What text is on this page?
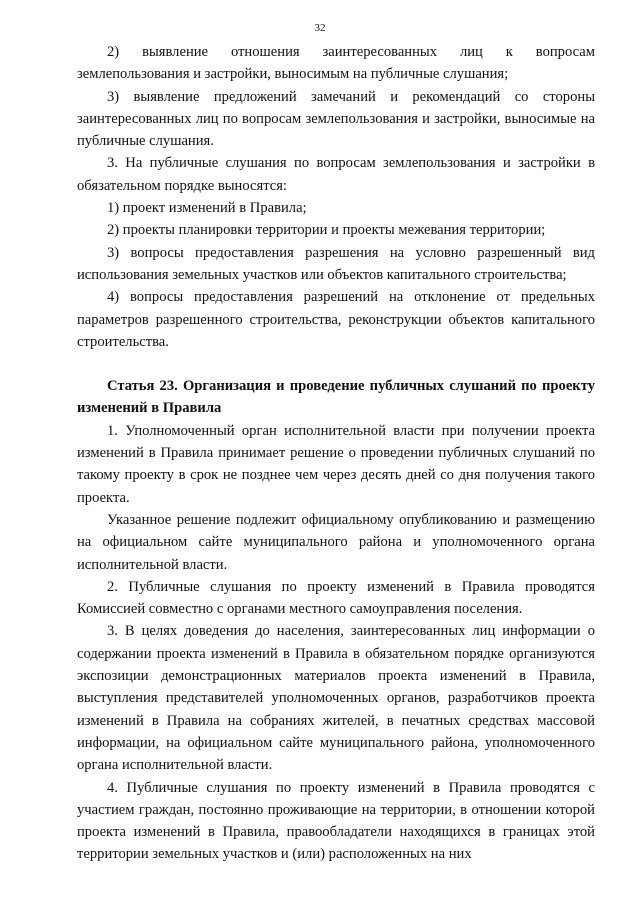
32

2) выявление отношения заинтересованных лиц к вопросам землепользования и застройки, выносимым на публичные слушания;

3) выявление предложений замечаний и рекомендаций со стороны заинтересованных лиц по вопросам землепользования и застройки, выносимые на публичные слушания.

3. На публичные слушания по вопросам землепользования и застройки в обязательном порядке выносятся:

1) проект изменений в Правила;

2) проекты планировки территории и проекты межевания территории;

3) вопросы предоставления разрешения на условно разрешенный вид использования земельных участков или объектов капитального строительства;

4) вопросы предоставления разрешений на отклонение от предельных параметров разрешенного строительства, реконструкции объектов капитального строительства.

Статья 23. Организация и проведение публичных слушаний по проекту изменений в Правила

1. Уполномоченный орган исполнительной власти при получении проекта изменений в Правила принимает решение о проведении публичных слушаний по такому проекту в срок не позднее чем через десять дней со дня получения такого проекта.

Указанное решение подлежит официальному опубликованию и размещению на официальном сайте муниципального района и уполномоченного органа исполнительной власти.

2. Публичные слушания по проекту изменений в Правила проводятся Комиссией совместно с органами местного самоуправления поселения.

3. В целях доведения до населения, заинтересованных лиц информации о содержании проекта изменений в Правила в обязательном порядке организуются экспозиции демонстрационных материалов проекта изменений в Правила, выступления представителей уполномоченных органов, разработчиков проекта изменений в Правила на собраниях жителей, в печатных средствах массовой информации, на официальном сайте муниципального района, уполномоченного органа исполнительной власти.

4. Публичные слушания по проекту изменений в Правила проводятся с участием граждан, постоянно проживающие на территории, в отношении которой проекта изменений в Правила, правообладатели находящихся в границах этой территории земельных участков и (или) расположенных на них
